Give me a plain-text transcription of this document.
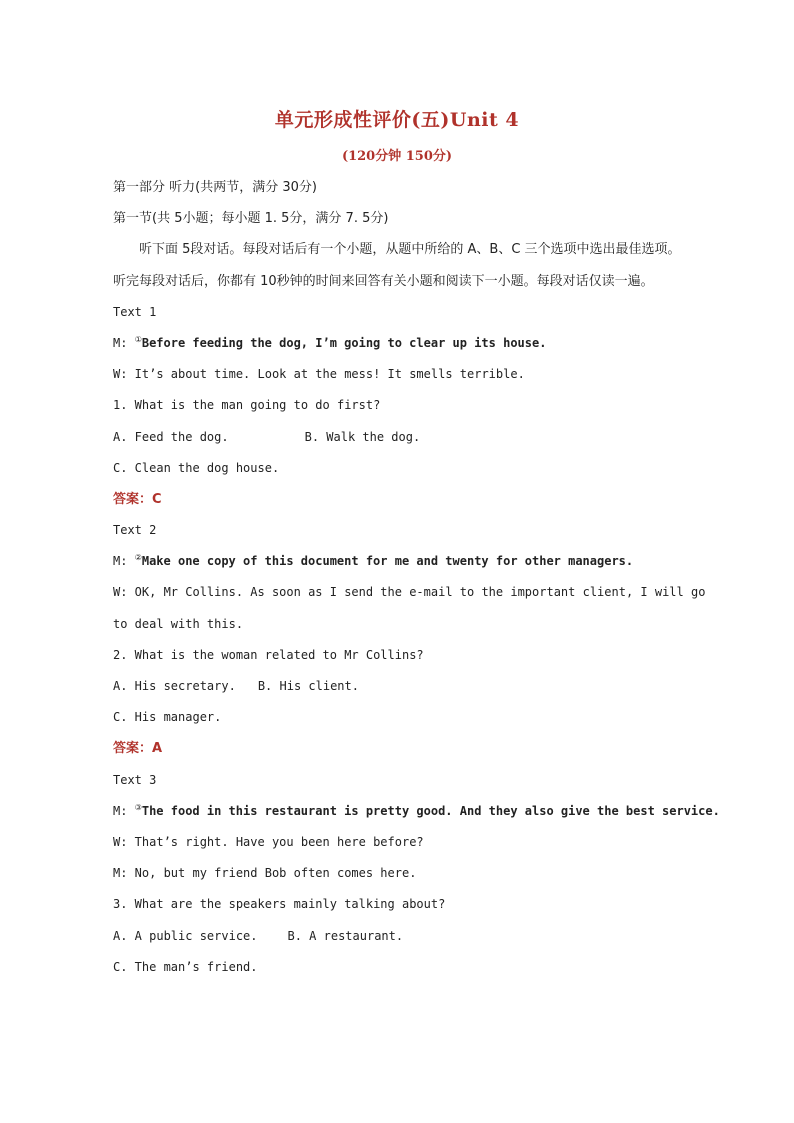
单元形成性评价(五)Unit 4
(120分钟 150分)
第一部分 听力(共两节，满分 30分)
第一节(共 5小题；每小题 1. 5分，满分 7. 5分)
听下面 5段对话。每段对话后有一个小题，从题中所给的 A、B、C 三个选项中选出最佳选项。听完每段对话后，你都有 10秒钟的时间来回答有关小题和阅读下一小题。每段对话仅读一遍。
Text 1
M: ①Before feeding the dog, I’m going to clear up its house.
W: It’s about time. Look at the mess! It smells terrible.
1. What is the man going to do first?
A. Feed the dog.	B. Walk the dog.
C. Clean the dog house.
答案：C
Text 2
M: ②Make one copy of this document for me and twenty for other managers.
W: OK, Mr Collins. As soon as I send the e-mail to the important client, I will go
to deal with this.
2. What is the woman related to Mr Collins?
A. His secretary. B. His client.
C. His manager.
答案：A
Text 3
M: ③The food in this restaurant is pretty good. And they also give the best service.
W: That’s right. Have you been here before?
M: No, but my friend Bob often comes here.
3. What are the speakers mainly talking about?
A. A public service.	B. A restaurant.
C. The man’s friend.
